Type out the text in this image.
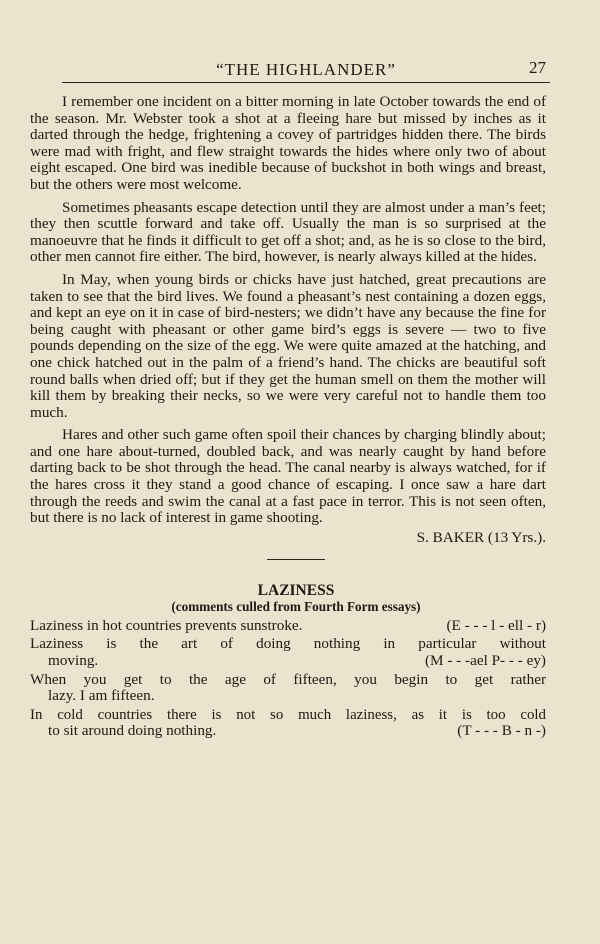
“THE HIGHLANDER”	27

I remember one incident on a bitter morning in late October towards the end of the season. Mr. Webster took a shot at a fleeing hare but missed by inches as it darted through the hedge, frightening a covey of partridges hidden there. The birds were mad with fright, and flew straight towards the hides where only two of about eight escaped. One bird was inedible because of buckshot in both wings and breast, but the others were most welcome.

Sometimes pheasants escape detection until they are almost under a man’s feet; they then scuttle forward and take off. Usually the man is so surprised at the manoeuvre that he finds it difficult to get off a shot; and, as he is so close to the bird, other men cannot fire either. The bird, however, is nearly always killed at the hides.

In May, when young birds or chicks have just hatched, great precautions are taken to see that the bird lives. We found a pheasant’s nest containing a dozen eggs, and kept an eye on it in case of bird-nesters; we didn’t have any because the fine for being caught with pheasant or other game bird’s eggs is severe — two to five pounds depending on the size of the egg. We were quite amazed at the hatching, and one chick hatched out in the palm of a friend’s hand. The chicks are beautiful soft round balls when dried off; but if they get the human smell on them the mother will kill them by breaking their necks, so we were very careful not to handle them too much.

Hares and other such game often spoil their chances by charging blindly about; and one hare about-turned, doubled back, and was nearly caught by hand before darting back to be shot through the head. The canal nearby is always watched, for if the hares cross it they stand a good chance of escaping. I once saw a hare dart through the reeds and swim the canal at a fast pace in terror. This is not seen often, but there is no lack of interest in game shooting.

S. BAKER (13 Yrs.).
LAZINESS
(comments culled from Fourth Form essays)
Laziness in hot countries prevents sunstroke.	(E - - - l - ell - r)
Laziness is the art of doing nothing in particular without
moving.	(M - - -ael P- - - ey)
When you get to the age of fifteen, you begin to get rather
lazy. I am fifteen.
In cold countries there is not so much laziness, as it is too cold
to sit around doing nothing.	(T - - - B - n -)
